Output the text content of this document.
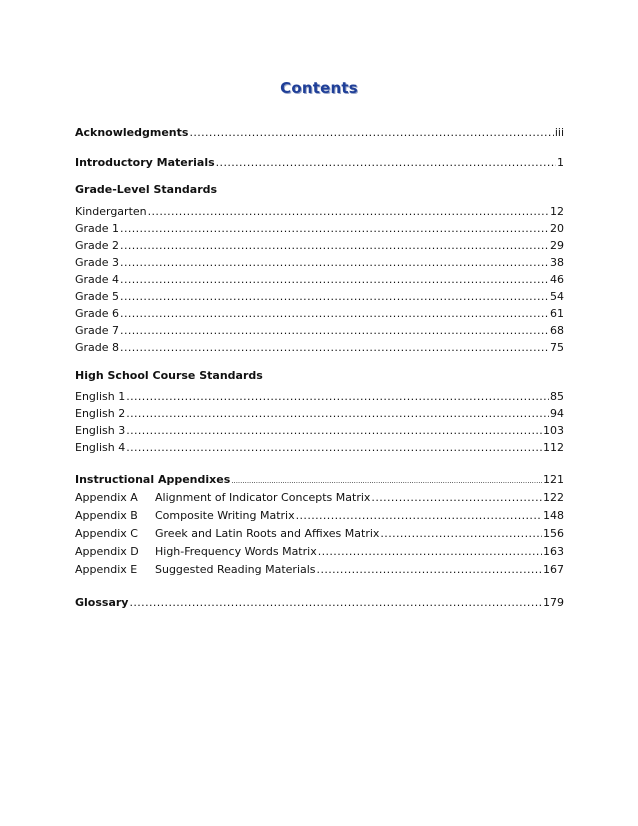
Contents
Acknowledgments .....	iii
Introductory Materials .....	1
Grade-Level Standards
Kindergarten .....	12
Grade 1 .....	20
Grade 2 .....	29
Grade 3 .....	38
Grade 4 .....	46
Grade 5 .....	54
Grade 6 .....	61
Grade 7 .....	68
Grade 8 .....	75
High School Course Standards
English 1 .....	85
English 2 .....	94
English 3 .....	103
English 4 .....	112
Instructional Appendixes .....	121
Appendix A	Alignment of Indicator Concepts Matrix .....	122
Appendix B	Composite Writing Matrix .....	148
Appendix C	Greek and Latin Roots and Affixes Matrix .....	156
Appendix D	High-Frequency Words Matrix .....	163
Appendix E	Suggested Reading Materials .....	167
Glossary .....	179
